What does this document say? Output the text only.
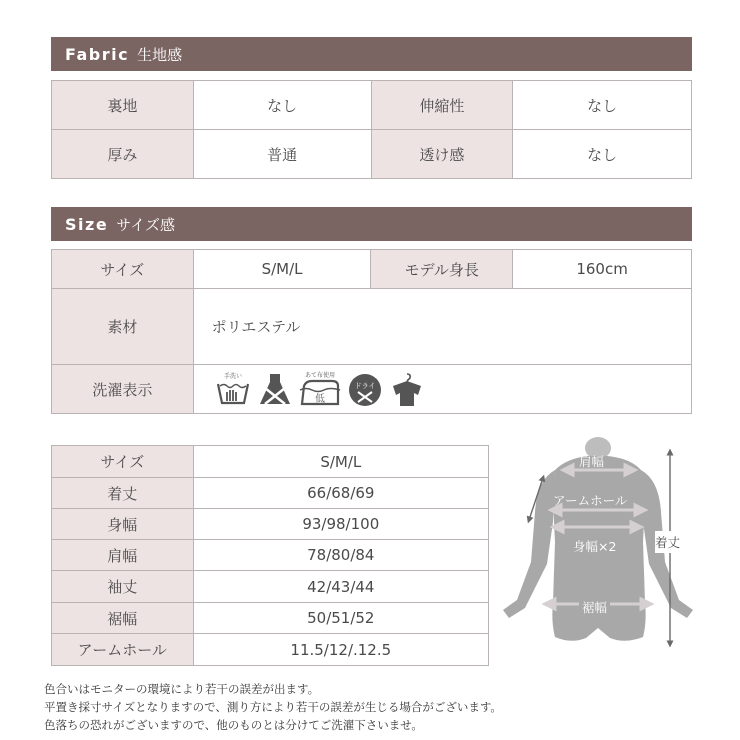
Fabric 生地感
裏地	なし	伸縮性	なし
厚み	普通	透け感	なし
Size サイズ感
サイズ	S/M/L	モデル身長	160cm
素材	ポリエステル		
洗濯表示	手洗い あて布使用
低
ドライ		
サイズ	S/M/L
着丈	66/68/69
身幅	93/98/100
肩幅	78/80/84
袖丈	42/43/44
裾幅	50/51/52
アームホール	11.5/12/.12.5
肩幅
アームホール
身幅×2
裾幅
着丈
色合いはモニターの環境により若干の誤差が出ます。
平置き採寸サイズとなりますので、測り方により若干の誤差が生じる場合がございます。
色落ちの恐れがございますので、他のものとは分けてご洗濯下さいませ。
